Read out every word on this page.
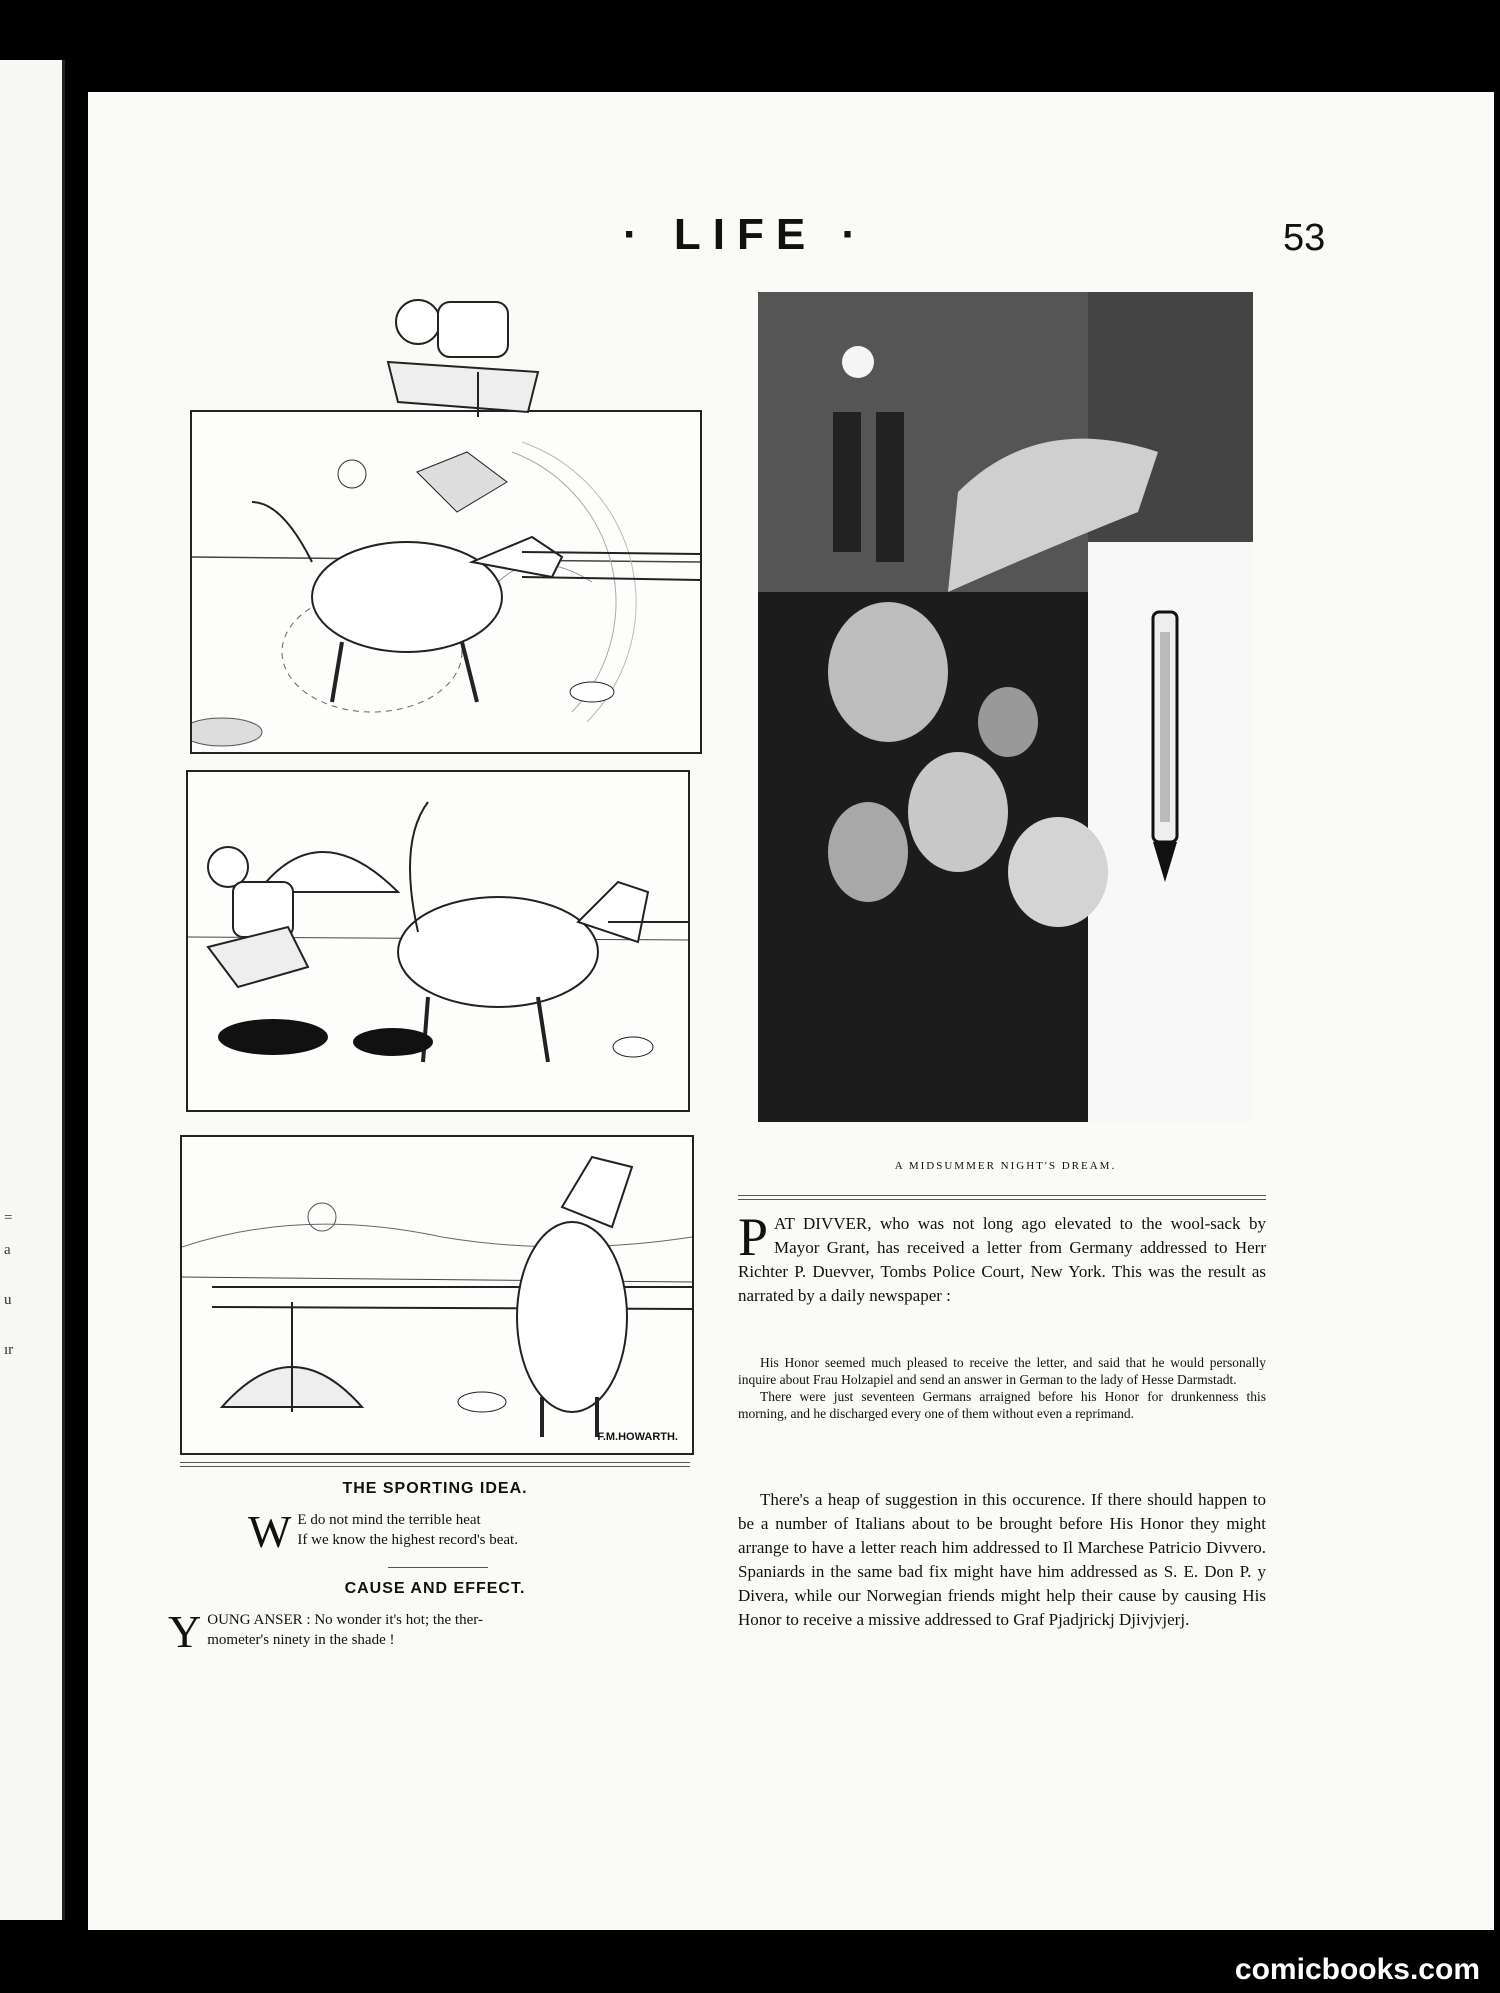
=
a
u
ır
· LIFE ·	53
F.M.HOWARTH.
A MIDSUMMER NIGHT'S DREAM.
THE SPORTING IDEA.
W E do not mind the terrible heat
If we know the highest record's beat.
CAUSE AND EFFECT.
Y OUNG ANSER : No wonder it's hot; the ther-
mometer's ninety in the shade !
P AT DIVVER, who was not long ago elevated to the wool-sack by Mayor Grant, has received a letter from Germany addressed to Herr Richter P. Duevver, Tombs Police Court, New York. This was the result as narrated by a daily newspaper :

His Honor seemed much pleased to receive the letter, and said that he would personally inquire about Frau Holzapiel and send an answer in German to the lady of Hesse Darmstadt.

There were just seventeen Germans arraigned before his Honor for drunkenness this morning, and he discharged every one of them without even a reprimand.

There's a heap of suggestion in this occurence. If there should happen to be a number of Italians about to be brought before His Honor they might arrange to have a letter reach him addressed to Il Marchese Patricio Divvero. Spaniards in the same bad fix might have him addressed as S. E. Don P. y Divera, while our Norwegian friends might help their cause by causing His Honor to receive a missive addressed to Graf Pjadjrickj Djivjvjerj.

comicbooks.com
